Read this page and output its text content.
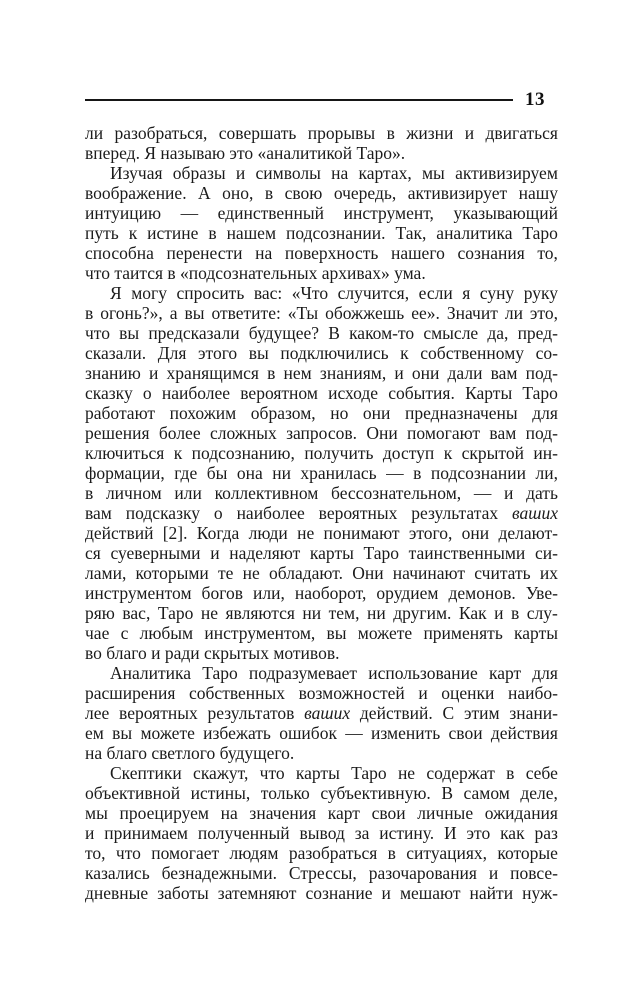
13
ли разобраться, совершать прорывы в жизни и двигаться
вперед. Я называю это «аналитикой Таро».
Изучая образы и символы на картах, мы активизируем
воображение. А оно, в свою очередь, активизирует нашу
интуицию — единственный инструмент, указывающий
путь к истине в нашем подсознании. Так, аналитика Таро
способна перенести на поверхность нашего сознания то,
что таится в «подсознательных архивах» ума.
Я могу спросить вас: «Что случится, если я суну руку
в огонь?», а вы ответите: «Ты обожжешь ее». Значит ли это,
что вы предсказали будущее? В каком-то смысле да, пред-
сказали. Для этого вы подключились к собственному со-
знанию и хранящимся в нем знаниям, и они дали вам под-
сказку о наиболее вероятном исходе события. Карты Таро
работают похожим образом, но они предназначены для
решения более сложных запросов. Они помогают вам под-
ключиться к подсознанию, получить доступ к скрытой ин-
формации, где бы она ни хранилась — в подсознании ли,
в личном или коллективном бессознательном, — и дать
вам подсказку о наиболее вероятных результатах ваших
действий [2]. Когда люди не понимают этого, они делают-
ся суеверными и наделяют карты Таро таинственными си-
лами, которыми те не обладают. Они начинают считать их
инструментом богов или, наоборот, орудием демонов. Уве-
ряю вас, Таро не являются ни тем, ни другим. Как и в слу-
чае с любым инструментом, вы можете применять карты
во благо и ради скрытых мотивов.
Аналитика Таро подразумевает использование карт для
расширения собственных возможностей и оценки наибо-
лее вероятных результатов ваших действий. С этим знани-
ем вы можете избежать ошибок — изменить свои действия
на благо светлого будущего.
Скептики скажут, что карты Таро не содержат в себе
объективной истины, только субъективную. В самом деле,
мы проецируем на значения карт свои личные ожидания
и принимаем полученный вывод за истину. И это как раз
то, что помогает людям разобраться в ситуациях, которые
казались безнадежными. Стрессы, разочарования и повсе-
дневные заботы затемняют сознание и мешают найти нуж-
